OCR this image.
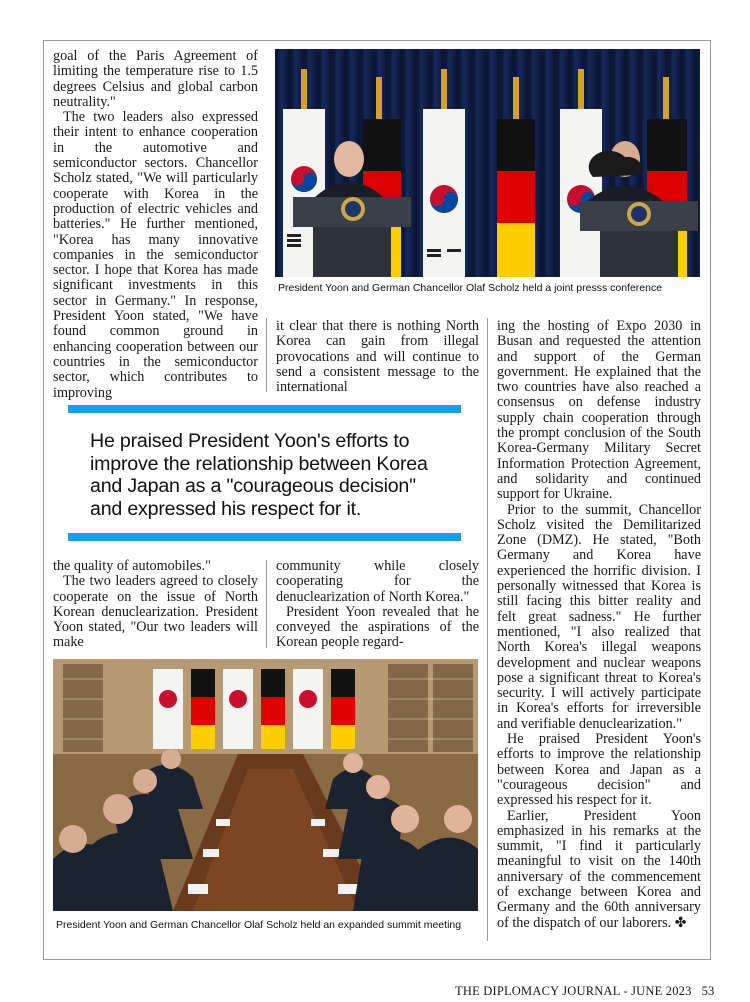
goal of the Paris Agreement of limiting the temperature rise to 1.5 degrees Celsius and global carbon neutrality."

The two leaders also expressed their intent to enhance cooperation in the automotive and semiconductor sectors. Chancellor Scholz stated, "We will particularly cooperate with Korea in the production of electric vehicles and batteries." He further mentioned, "Korea has many innovative companies in the semiconductor sector. I hope that Korea has made significant investments in this sector in Germany." In response, President Yoon stated, "We have found common ground in enhancing cooperation between our countries in the semiconductor sector, which contributes to improving

President Yoon and German Chancellor Olaf Scholz held a joint presss conference

it clear that there is nothing North Korea can gain from illegal provocations and will continue to send a consistent message to the international

ing the hosting of Expo 2030 in Busan and requested the attention and support of the German government. He explained that the two countries have also reached a consensus on defense industry supply chain cooperation through the prompt conclusion of the South Korea-Germany Military Secret Information Protection Agreement, and solidarity and continued support for Ukraine.

Prior to the summit, Chancellor Scholz visited the Demilitarized Zone (DMZ). He stated, "Both Germany and Korea have experienced the horrific division. I personally witnessed that Korea is still facing this bitter reality and felt great sadness." He further mentioned, "I also realized that North Korea's illegal weapons development and nuclear weapons pose a significant threat to Korea's security. I will actively participate in Korea's efforts for irreversible and verifiable denuclearization."

He praised President Yoon's efforts to improve the relationship between Korea and Japan as a "courageous decision" and expressed his respect for it.

Earlier, President Yoon emphasized in his remarks at the summit, "I find it particularly meaningful to visit on the 140th anniversary of the commencement of exchange between Korea and Germany and the 60th anniversary of the dispatch of our laborers. ✤

He praised President Yoon's efforts to improve the relationship between Korea and Japan as a "courageous decision" and expressed his respect for it.

the quality of automobiles."

The two leaders agreed to closely cooperate on the issue of North Korean denuclearization. President Yoon stated, "Our two leaders will make

community while closely cooperating for the denuclearization of North Korea."

President Yoon revealed that he conveyed the aspirations of the Korean people regard-

President Yoon and German Chancellor Olaf Scholz held an expanded summit meeting
THE DIPLOMACY JOURNAL - JUNE 2023 53
